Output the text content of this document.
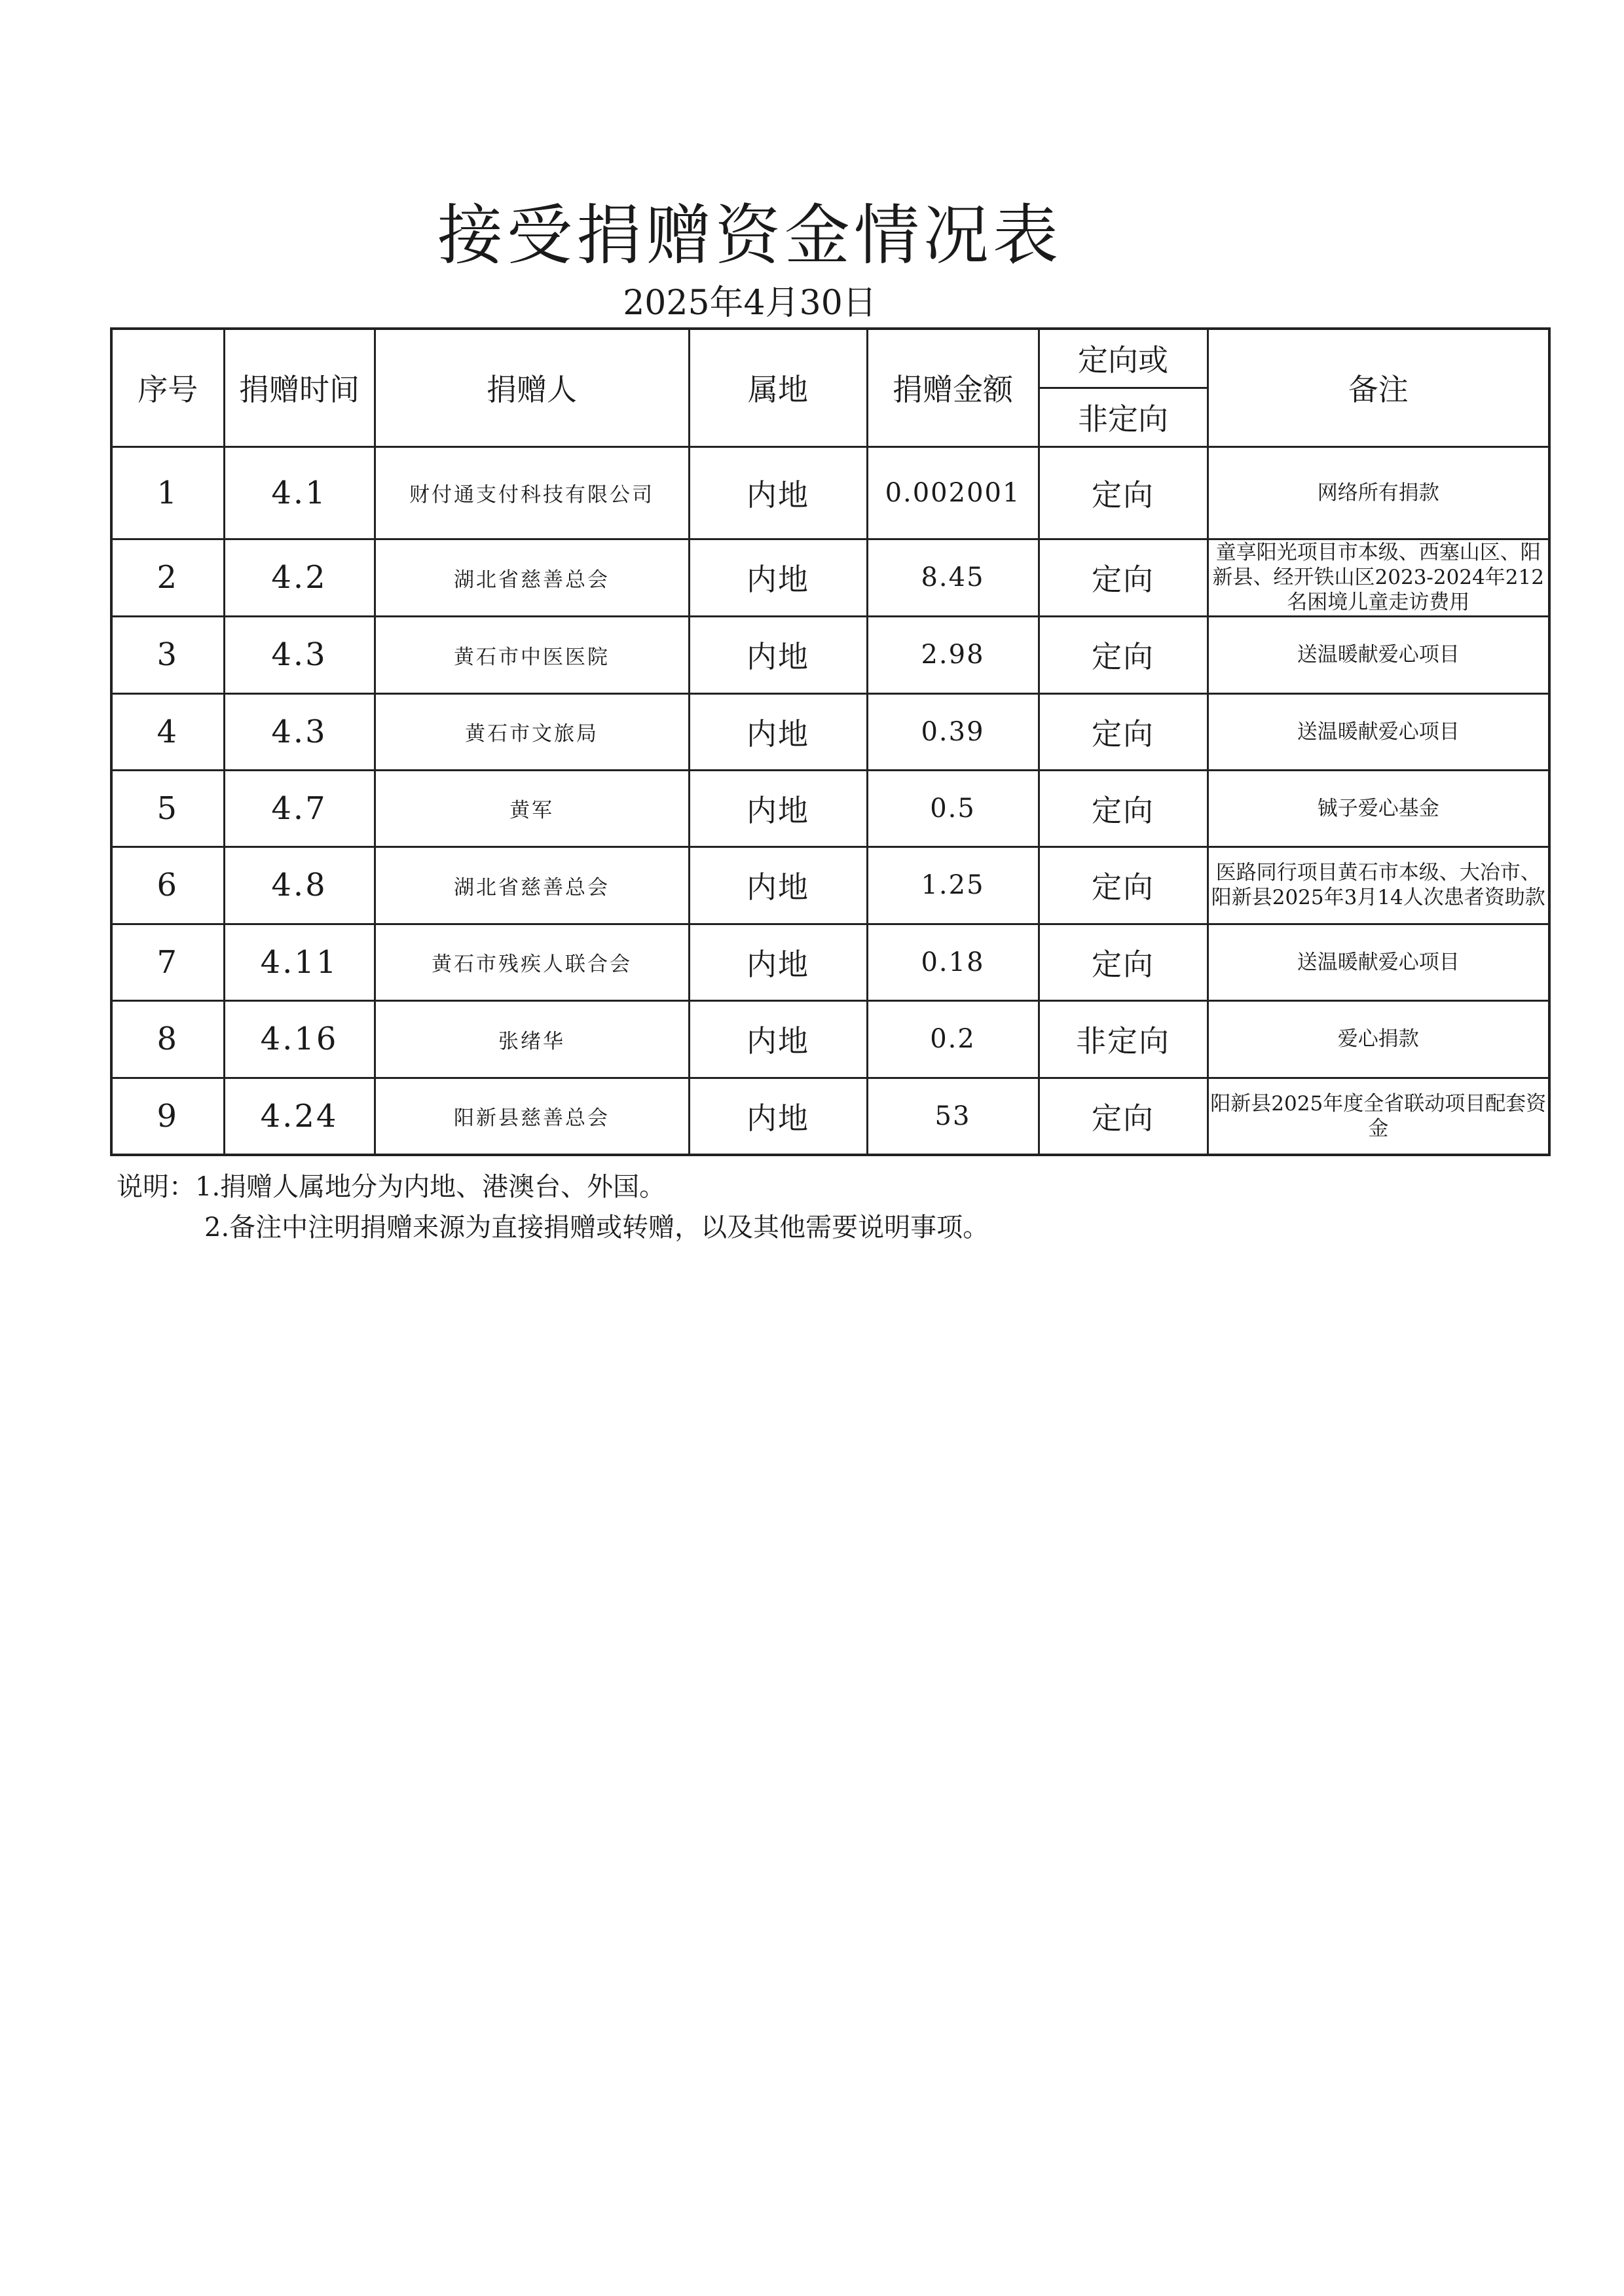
接受捐赠资金情况表
2025年4月30日
序号	捐赠时间	捐赠人	属地	捐赠金额	定向或	备注
					非定向	
1	4.1	财付通支付科技有限公司	内地	0.002001	定向	网络所有捐款
2	4.2	湖北省慈善总会	内地	8.45	定向	童享阳光项目市本级、西塞山区、阳新县、经开铁山区2023-2024年212名困境儿童走访费用
3	4.3	黄石市中医医院	内地	2.98	定向	送温暖献爱心项目
4	4.3	黄石市文旅局	内地	0.39	定向	送温暖献爱心项目
5	4.7	黄军	内地	0.5	定向	铖子爱心基金
6	4.8	湖北省慈善总会	内地	1.25	定向	医路同行项目黄石市本级、大冶市、阳新县2025年3月14人次患者资助款
7	4.11	黄石市残疾人联合会	内地	0.18	定向	送温暖献爱心项目
8	4.16	张绪华	内地	0.2	非定向	爱心捐款
9	4.24	阳新县慈善总会	内地	53	定向	阳新县2025年度全省联动项目配套资金
说明：1.捐赠人属地分为内地、港澳台、外国。
2.备注中注明捐赠来源为直接捐赠或转赠，以及其他需要说明事项。
